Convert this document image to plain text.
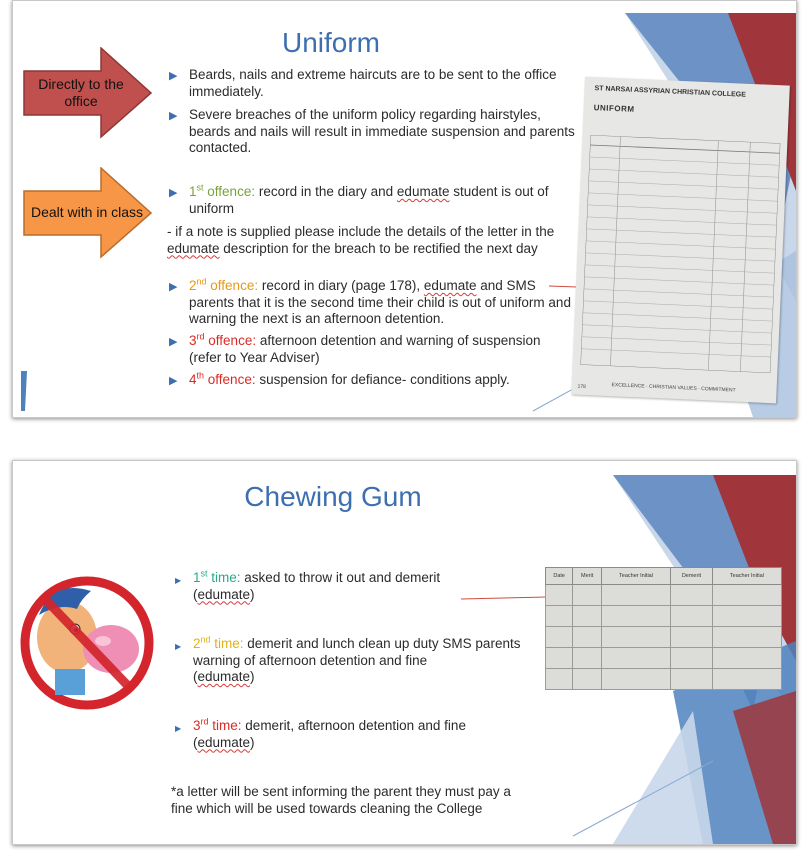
Uniform
Directly to the office
Dealt with in class
▶ Beards, nails and extreme haircuts are to be sent to the office immediately.
▶ Severe breaches of the uniform policy regarding hairstyles, beards and nails will result in immediate suspension and parents contacted.
▶ 1st offence: record in the diary and edumate student is out of uniform
- if a note is supplied please include the details of the letter in the edumate description for the breach to be rectified the next day
▶ 2nd offence: record in diary (page 178), edumate and SMS parents that it is the second time their child is out of uniform and warning the next is an afternoon detention.
▶ 3rd offence: afternoon detention and warning of suspension (refer to Year Adviser)
▶ 4th offence: suspension for defiance- conditions apply.
ST NARSAI ASSYRIAN CHRISTIAN COLLEGE
UNIFORM
EXCELLENCE · CHRISTIAN VALUES · COMMITMENT
178
Chewing Gum
▶ 1st time: asked to throw it out and demerit
(edumate)
▶ 2nd time: demerit and lunch clean up duty SMS parents warning of afternoon detention and fine
(edumate)
▶ 3rd time: demerit, afternoon detention and fine
(edumate)
*a letter will be sent informing the parent they must pay a fine which will be used towards cleaning the College
Date	Merit	Teacher Initial	Demerit	Teacher Initial
